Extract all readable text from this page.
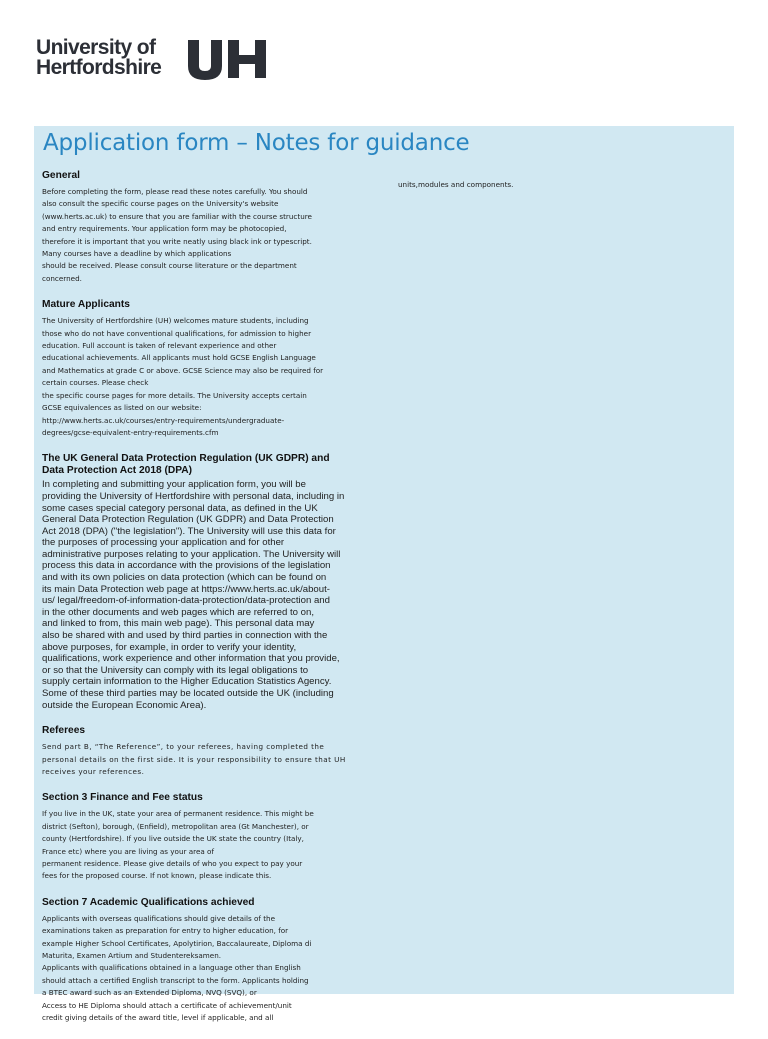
University of
Hertfordshire
Application form – Notes for guidance
General
Before completing the form, please read these notes carefully. You should
also consult the specific course pages on the University's website
(www.herts.ac.uk) to ensure that you are familiar with the course structure
and entry requirements. Your application form may be photocopied,
therefore it is important that you write neatly using black ink or typescript.
Many courses have a deadline by which applications
should be received. Please consult course literature or the department
concerned.
Mature Applicants
The University of Hertfordshire (UH) welcomes mature students, including
those who do not have conventional qualifications, for admission to higher
education. Full account is taken of relevant experience and other
educational achievements. All applicants must hold GCSE English Language
and Mathematics at grade C or above. GCSE Science may also be required for
certain courses. Please check
the specific course pages for more details. The University accepts certain
GCSE equivalences as listed on our website:
http://www.herts.ac.uk/courses/entry-requirements/undergraduate-
degrees/gcse-equivalent-entry-requirements.cfm
The UK General Data Protection Regulation (UK GDPR) and
Data Protection Act 2018 (DPA)
In completing and submitting your application form, you will be
providing the University of Hertfordshire with personal data, including in
some cases special category personal data, as defined in the UK
General Data Protection Regulation (UK GDPR) and Data Protection
Act 2018 (DPA) ("the legislation"). The University will use this data for
the purposes of processing your application and for other
administrative purposes relating to your application. The University will
process this data in accordance with the provisions of the legislation
and with its own policies on data protection (which can be found on
its main Data Protection web page at https://www.herts.ac.uk/about-
us/ legal/freedom-of-information-data-protection/data-protection and
in the other documents and web pages which are referred to on,
and linked to from, this main web page). This personal data may
also be shared with and used by third parties in connection with the
above purposes, for example, in order to verify your identity,
qualifications, work experience and other information that you provide,
or so that the University can comply with its legal obligations to
supply certain information to the Higher Education Statistics Agency.
Some of these third parties may be located outside the UK (including
outside the European Economic Area).
Referees
Send part B, “The Reference”, to your referees, having completed the
personal details on the first side. It is your responsibility to ensure that UH
receives your references.
Section 3 Finance and Fee status
If you live in the UK, state your area of permanent residence. This might be
district (Sefton), borough, (Enfield), metropolitan area (Gt Manchester), or
county (Hertfordshire). If you live outside the UK state the country (Italy,
France etc) where you are living as your area of
permanent residence. Please give details of who you expect to pay your
fees for the proposed course. If not known, please indicate this.
Section 7 Academic Qualifications achieved
Applicants with overseas qualifications should give details of the
examinations taken as preparation for entry to higher education, for
example Higher School Certificates, Apolytirion, Baccalaureate, Diploma di
Maturita, Examen Artium and Studentereksamen.
Applicants with qualifications obtained in a language other than English
should attach a certified English transcript to the form. Applicants holding
a BTEC award such as an Extended Diploma, NVQ (SVQ), or
Access to HE Diploma should attach a certificate of achievement/unit
credit giving details of the award title, level if applicable, and all
units,modules and components.
